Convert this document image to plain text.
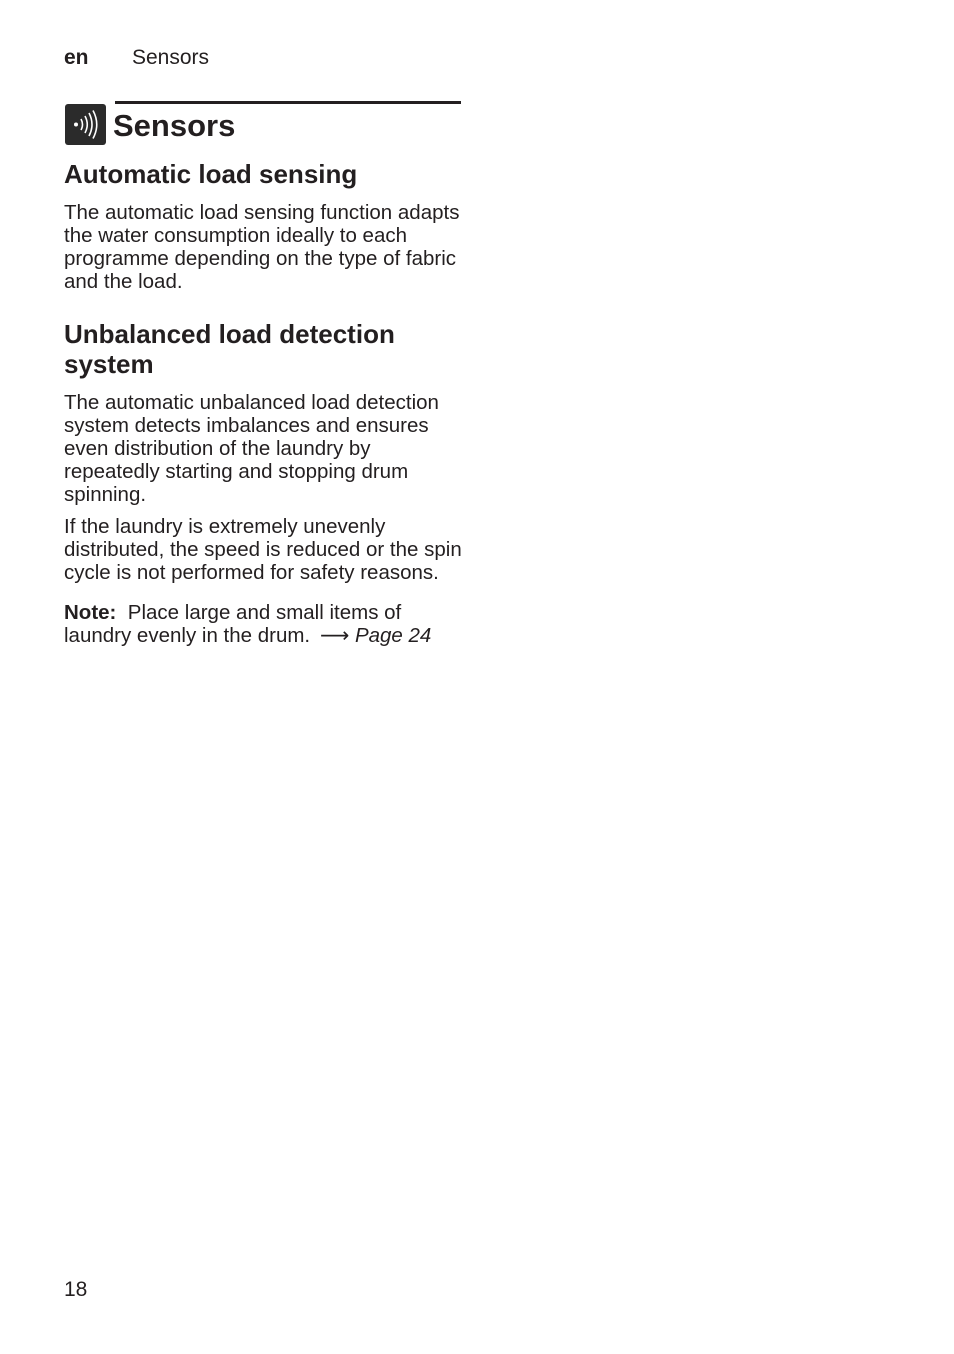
en Sensors
Sensors
Automatic load sensing

The automatic load sensing function adapts the water consumption ideally to each programme depending on the type of fabric and the load.

Unbalanced load detection system

The automatic unbalanced load detection system detects imbalances and ensures even distribution of the laundry by repeatedly starting and stopping drum spinning.

If the laundry is extremely unevenly distributed, the speed is reduced or the spin cycle is not performed for safety reasons.

Note: Place large and small items of laundry evenly in the drum. ⟶ Page 24

18
